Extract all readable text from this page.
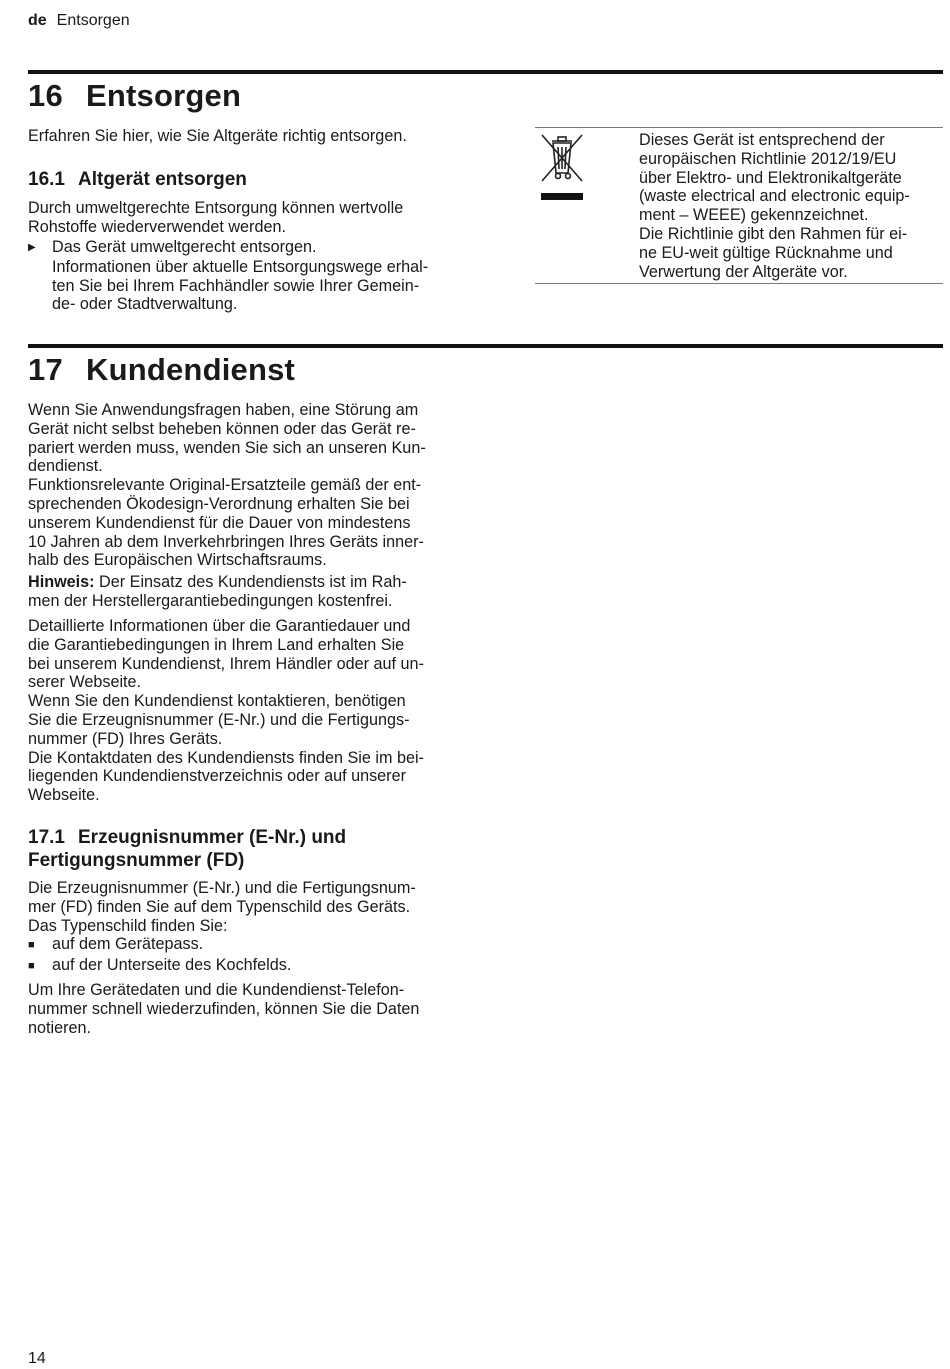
de Entsorgen
16 Entsorgen
Erfahren Sie hier, wie Sie Altgeräte richtig entsorgen.
16.1 Altgerät entsorgen
Durch umweltgerechte Entsorgung können wertvolle
Rohstoffe wiederverwendet werden.
▶ Das Gerät umweltgerecht entsorgen.
Informationen über aktuelle Entsorgungswege erhal-
ten Sie bei Ihrem Fachhändler sowie Ihrer Gemein-
de- oder Stadtverwaltung.
Dieses Gerät ist entsprechend der
europäischen Richtlinie 2012/19/EU
über Elektro- und Elektronikaltgeräte
(waste electrical and electronic equip-
ment – WEEE) gekennzeichnet.
Die Richtlinie gibt den Rahmen für ei-
ne EU-weit gültige Rücknahme und
Verwertung der Altgeräte vor.
17 Kundendienst
Wenn Sie Anwendungsfragen haben, eine Störung am
Gerät nicht selbst beheben können oder das Gerät re-
pariert werden muss, wenden Sie sich an unseren Kun-
dendienst.
Funktionsrelevante Original-Ersatzteile gemäß der ent-
sprechenden Ökodesign-Verordnung erhalten Sie bei
unserem Kundendienst für die Dauer von mindestens
10 Jahren ab dem Inverkehrbringen Ihres Geräts inner-
halb des Europäischen Wirtschaftsraums.
Hinweis: Der Einsatz des Kundendiensts ist im Rah-
men der Herstellergarantiebedingungen kostenfrei.
Detaillierte Informationen über die Garantiedauer und
die Garantiebedingungen in Ihrem Land erhalten Sie
bei unserem Kundendienst, Ihrem Händler oder auf un-
serer Webseite.
Wenn Sie den Kundendienst kontaktieren, benötigen
Sie die Erzeugnisnummer (E-Nr.) und die Fertigungs-
nummer (FD) Ihres Geräts.
Die Kontaktdaten des Kundendiensts finden Sie im bei-
liegenden Kundendienstverzeichnis oder auf unserer
Webseite.
17.1 Erzeugnisnummer (E-Nr.) und
Fertigungsnummer (FD)
Die Erzeugnisnummer (E-Nr.) und die Fertigungsnum-
mer (FD) finden Sie auf dem Typenschild des Geräts.
Das Typenschild finden Sie:
■ auf dem Gerätepass.
■ auf der Unterseite des Kochfelds.
Um Ihre Gerätedaten und die Kundendienst-Telefon-
nummer schnell wiederzufinden, können Sie die Daten
notieren.
14
